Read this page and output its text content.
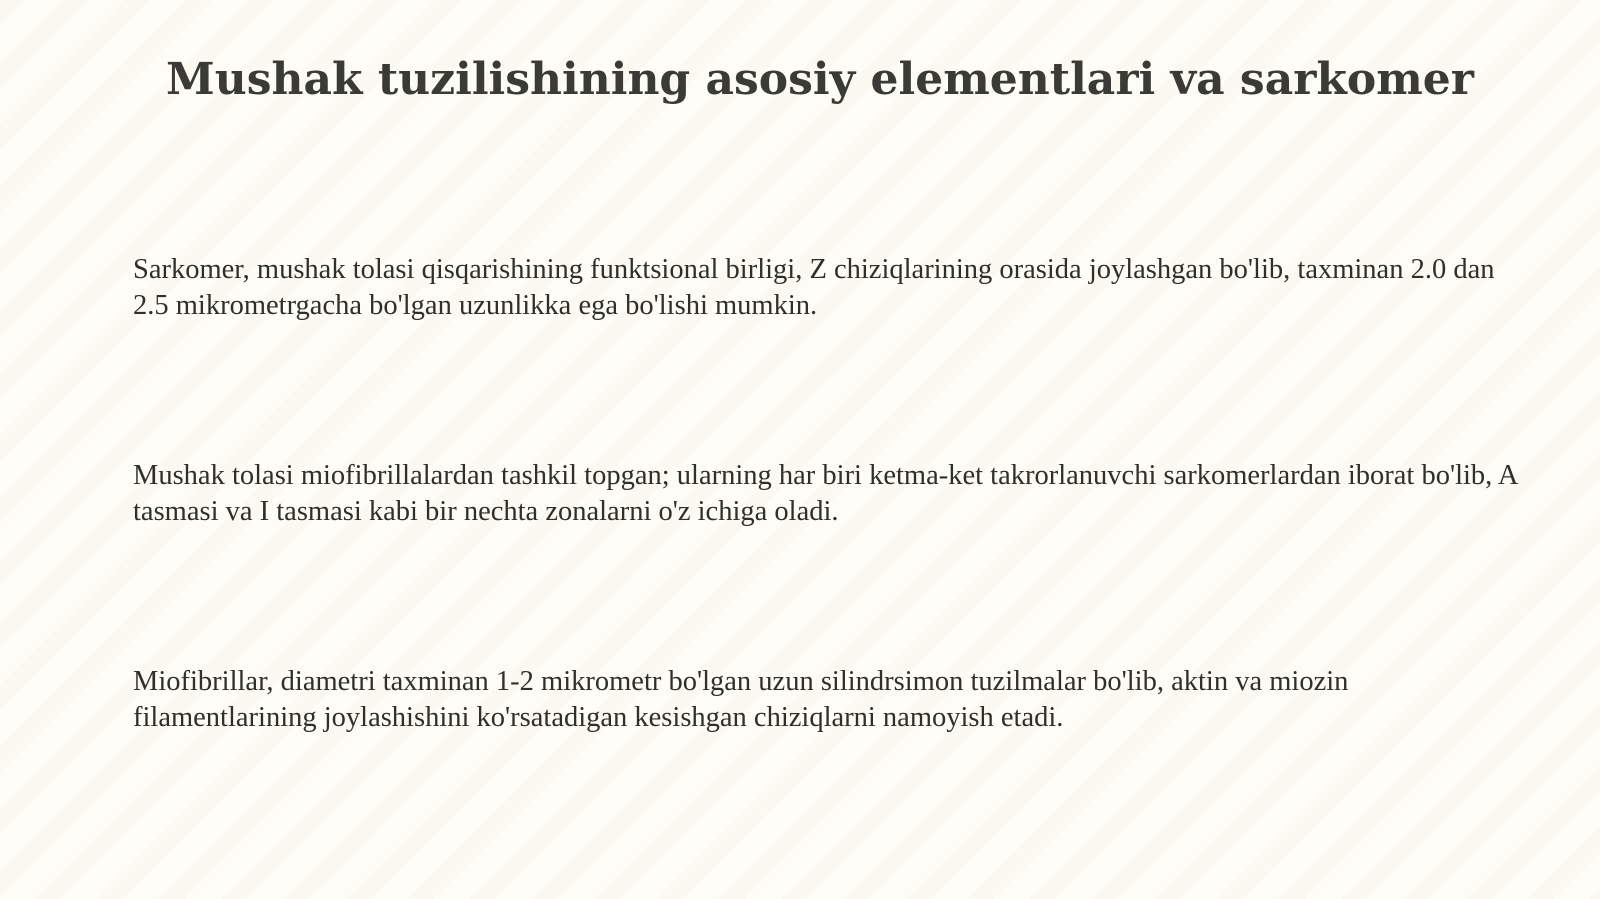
Mushak tuzilishining asosiy elementlari va sarkomer

Sarkomer, mushak tolasi qisqarishining funktsional birligi, Z chiziqlarining orasida joylashgan bo'lib, taxminan 2.0 dan 2.5 mikrometrgacha bo'lgan uzunlikka ega bo'lishi mumkin.

Mushak tolasi miofibrillalardan tashkil topgan; ularning har biri ketma-ket takrorlanuvchi sarkomerlardan iborat bo'lib, A tasmasi va I tasmasi kabi bir nechta zonalarni o'z ichiga oladi.

Miofibrillar, diametri taxminan 1-2 mikrometr bo'lgan uzun silindrsimon tuzilmalar bo'lib, aktin va miozin filamentlarining joylashishini ko'rsatadigan kesishgan chiziqlarni namoyish etadi.
